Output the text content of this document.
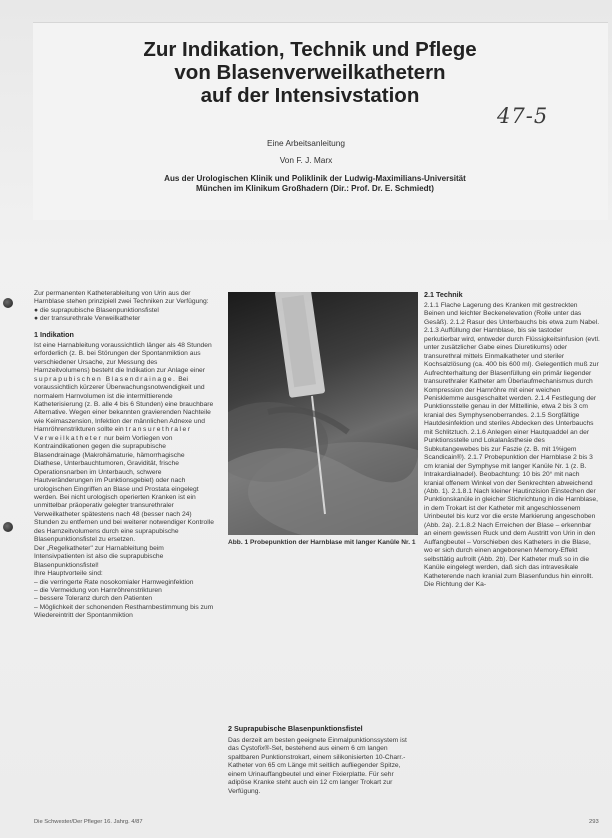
Zur Indikation, Technik und Pflege
von Blasenverweilkathetern
auf der Intensivstation
47-5
Eine Arbeitsanleitung
Von F. J. Marx
Aus der Urologischen Klinik und Poliklinik der Ludwig-Maximilians-Universität
München im Klinikum Großhadern (Dir.: Prof. Dr. E. Schmiedt)

Zur permanenten Katheterableitung von Urin aus der Harnblase stehen prinzipiell zwei Techniken zur Verfügung:

● die suprapubische Blasenpunktionsfistel

● der transurethrale Verweilkatheter

1 Indikation

Ist eine Harnableitung voraussichtlich länger als 48 Stunden erforderlich (z. B. bei Störungen der Spontanmiktion aus verschiedener Ursache, zur Messung des Harnzeitvolumens) besteht die Indikation zur Anlage einer suprapubischen Blasendrainage. Bei voraussichtlich kürzerer Überwachungsnotwendigkeit und normalem Harnvolumen ist die intermittierende Katheterisierung (z. B. alle 4 bis 6 Stunden) eine brauchbare Alternative. Wegen einer bekannten gravierenden Nachteile wie Keimaszension, Infektion der männlichen Adnexe und Harnröhrenstrikturen sollte ein transurethraler Verweilkatheter nur beim Vorliegen von Kontraindikationen gegen die suprapubische Blasendrainage (Makrohämaturie, hämorrhagische Diathese, Unterbauchtumoren, Gravidität, frische Operationsnarben im Unterbauch, schwere Hautveränderungen im Punktionsgebiet) oder nach urologischen Eingriffen an Blase und Prostata eingelegt werden. Bei nicht urologisch operierten Kranken ist ein unmittelbar präoperativ gelegter transurethraler Verweilkatheter spätestens nach 48 (besser nach 24) Stunden zu entfernen und bei weiterer notwendiger Kontrolle des Harnzeitvolumens durch eine suprapubische Blasenpunktionsfistel zu ersetzen.

Der „Regelkatheter" zur Harnableitung beim Intensivpatienten ist also die suprapubische Blasenpunktionsfistel!

Ihre Hauptvorteile sind:

– die verringerte Rate nosokomialer Harnweginfektion

– die Vermeidung von Harnröhrenstrikturen

– bessere Toleranz durch den Patienten

– Möglichkeit der schonenden Restharnbestimmung bis zum Wiedereintritt der Spontanmiktion

Abb. 1 Probepunktion der Harnblase mit langer Kanüle Nr. 1
2 Suprapubische Blasenpunktionsfistel

Das derzeit am besten geeignete Einmalpunktionssystem ist das Cystofix®-Set, bestehend aus einem 6 cm langen spaltbaren Punktionstrokart, einem silikonisierten 10-Charr.-Katheter von 65 cm Länge mit seitlich aufliegender Spitze, einem Urinauffangbeutel und einer Fixierplatte. Für sehr adipöse Kranke steht auch ein 12 cm langer Trokart zur Verfügung.

2.1 Technik

2.1.1 Flache Lagerung des Kranken mit gestreckten Beinen und leichter Beckenelevation (Rolle unter das Gesäß). 2.1.2 Rasur des Unterbauchs bis etwa zum Nabel. 2.1.3 Auffüllung der Harnblase, bis sie tastoder perkutierbar wird, entweder durch Flüssigkeitsinfusion (evtl. unter zusätzlicher Gabe eines Diuretikums) oder transurethral mittels Einmalkatheter und steriler Kochsalzlösung (ca. 400 bis 600 ml). Gelegentlich muß zur Aufrechterhaltung der Blasenfüllung ein primär liegender transurethraler Katheter am Überlaufmechanismus durch Kompression der Harnröhre mit einer weichen Penisklemme ausgeschaltet werden. 2.1.4 Festlegung der Punktionsstelle genau in der Mittellinie, etwa 2 bis 3 cm kranial des Symphysenoberrandes. 2.1.5 Sorgfältige Hautdesinfektion und steriles Abdecken des Unterbauchs mit Schlitztuch. 2.1.6 Anlegen einer Hautquaddel an der Punktionsstelle und Lokalanästhesie des Subkutangewebes bis zur Faszie (z. B. mit 1%igem Scandicain®). 2.1.7 Probepunktion der Harnblase 2 bis 3 cm kranial der Symphyse mit langer Kanüle Nr. 1 (z. B. Intrakardialnadel). Beobachtung: 10 bis 20° mit nach kranial offenem Winkel von der Senkrechten abweichend (Abb. 1). 2.1.8.1 Nach kleiner Hautinzision Einstechen der Punktionskanüle in gleicher Stichrichtung in die Harnblase, in dem Trokart ist der Katheter mit angeschlossenem Urinbeutel bis kurz vor die erste Markierung angeschoben (Abb. 2a). 2.1.8.2 Nach Erreichen der Blase – erkennbar an einem gewissen Ruck und dem Austritt von Urin in den Auffangbeutel – Vorschieben des Katheters in die Blase, wo er sich durch einen angeborenen Memory-Effekt selbsttätig aufrollt (Abb. 2b). Der Katheter muß so in die Kanüle eingelegt werden, daß sich das intravesikale Katheterende nach kranial zum Blasenfundus hin einrollt. Die Richtung der Ka-

Die Schwester/Der Pfleger 16. Jahrg. 4/87	293
